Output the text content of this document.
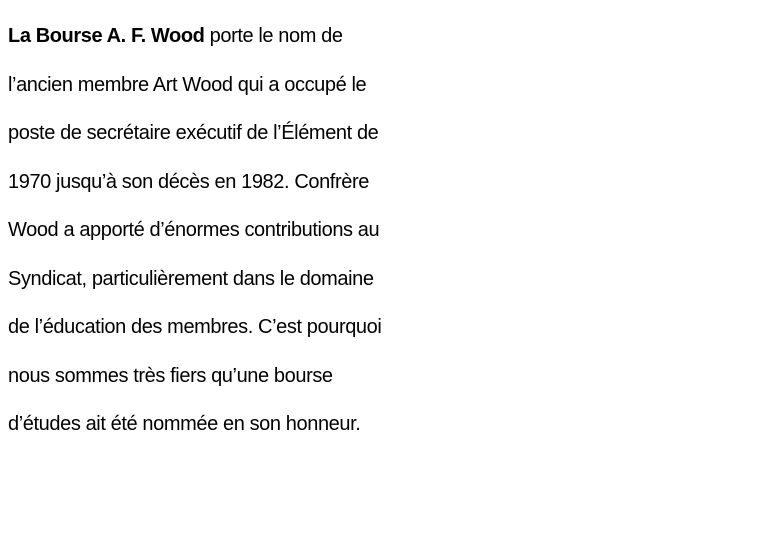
La Bourse A. F. Wood porte le nom de
l’ancien membre Art Wood qui a occupé le
poste de secrétaire exécutif de l’Élément de
1970 jusqu’à son décès en 1982. Confrère
Wood a apporté d’énormes contributions au
Syndicat, particulièrement dans le domaine
de l’éducation des membres. C’est pourquoi
nous sommes très fiers qu’une bourse
d’études ait été nommée en son honneur.
